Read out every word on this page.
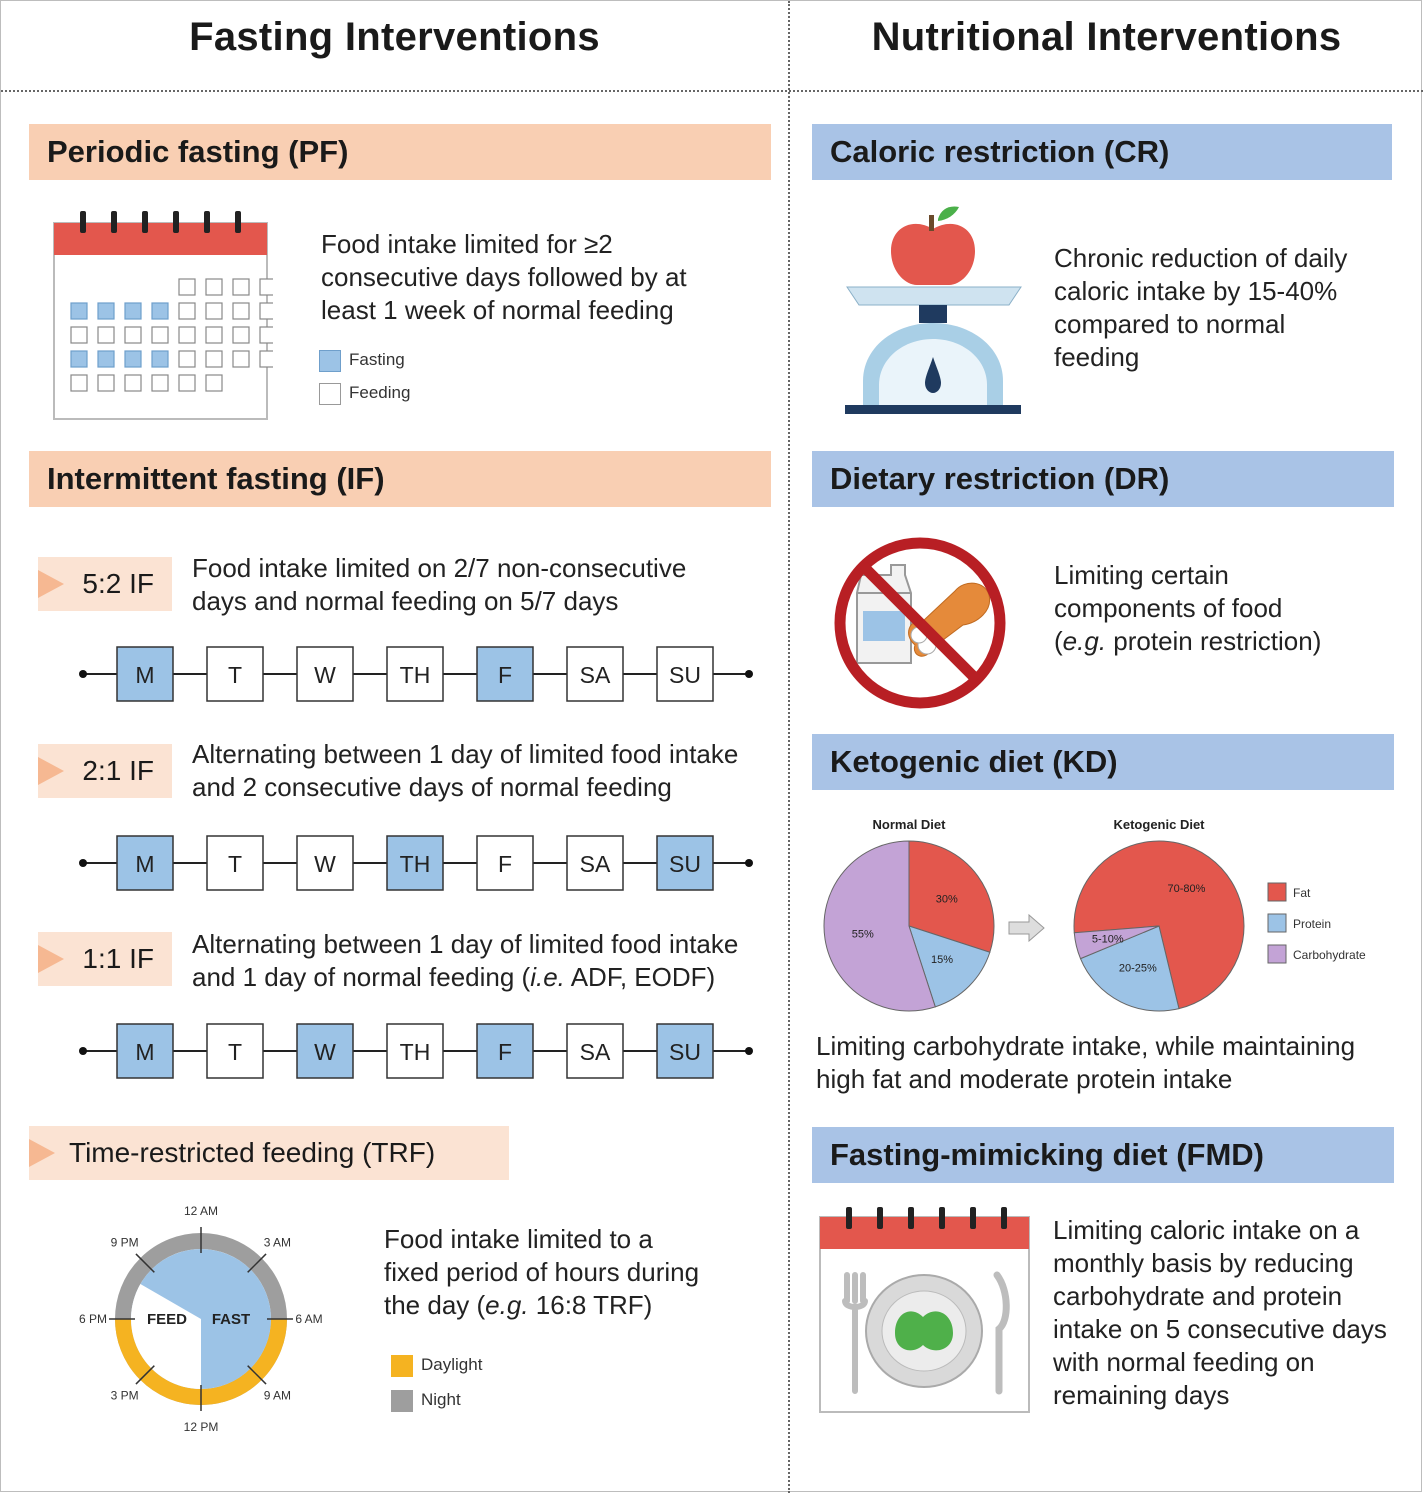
Fasting Interventions	Nutritional Interventions
Periodic fasting (PF)
Food intake limited for ≥2 consecutive days followed by at least 1 week of normal feeding
Fasting
Feeding
Intermittent fasting (IF)
5:2 IF	Food intake limited on 2/7 non-consecutive
days and normal feeding on 5/7 days
M	T	W	TH	F	SA	SU
2:1 IF
Alternating between 1 day of limited food intake
and 2 consecutive days of normal feeding
M	T	W	TH	F	SA	SU
1:1 IF	Alternating between 1 day of limited food intake
and 1 day of normal feeding (i.e. ADF, EODF)
M	T	W	TH	F	SA	SU
Time-restricted feeding (TRF)
12 AM
3 AM
6 AM
9 AM
12 PM
3 PM
6 PM
9 PM
FEED FAST
Food intake limited to a
fixed period of hours during
the day (e.g. 16:8 TRF)
Daylight
Night
Caloric restriction (CR)
Chronic reduction of daily caloric intake by 15-40% compared to normal feeding
Dietary restriction (DR)
Limiting certain
components of food
(e.g. protein restriction)
Ketogenic diet (KD)
Normal Diet
30%
15%
55%
Ketogenic Diet
70-80%
20-25%
5-10%
Fat
Protein
Carbohydrate
Limiting carbohydrate intake, while maintaining high fat and moderate protein intake
Fasting-mimicking diet (FMD)
Limiting caloric intake on a monthly basis by reducing carbohydrate and protein intake on 5 consecutive days with normal feeding on remaining days
